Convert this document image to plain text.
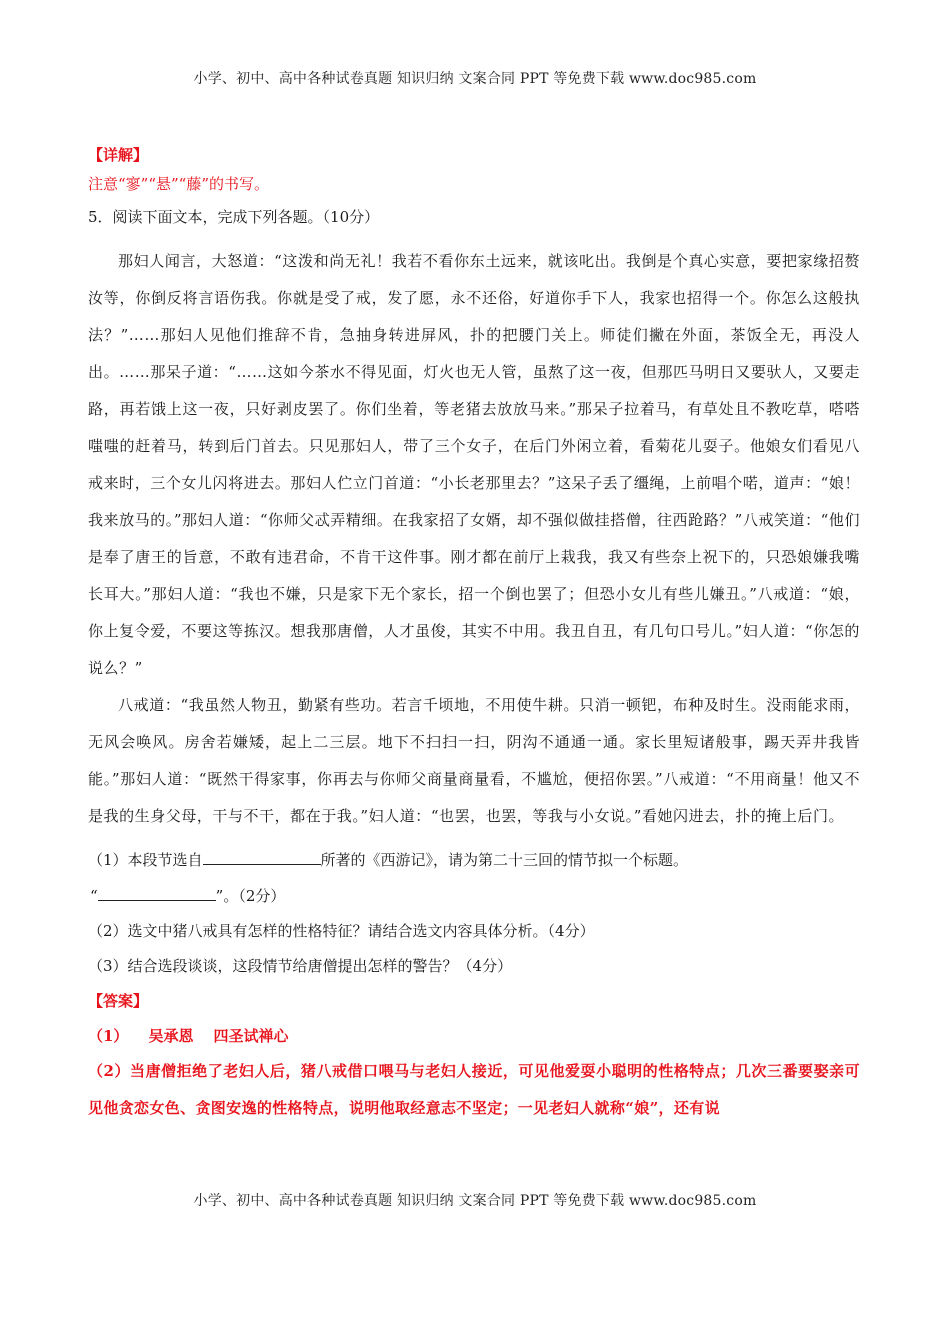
小学、初中、高中各种试卷真题 知识归纳 文案合同 PPT 等免费下载 www.doc985.com
【详解】
注意“寥”“悬”“藤”的书写。
5．阅读下面文本，完成下列各题。（10分）
那妇人闻言，大怒道：“这泼和尚无礼！我若不看你东土远来，就该叱出。我倒是个真心实意，要把家缘招赘汝等，你倒反将言语伤我。你就是受了戒，发了愿，永不还俗，好道你手下人，我家也招得一个。你怎么这般执法？”……那妇人见他们推辞不肯，急抽身转进屏风，扑的把腰门关上。师徒们撇在外面，茶饭全无，再没人出。……那呆子道：“……这如今茶水不得见面，灯火也无人管，虽熬了这一夜，但那匹马明日又要驮人，又要走路，再若饿上这一夜，只好剥皮罢了。你们坐着，等老猪去放放马来。”那呆子拉着马，有草处且不教吃草，嗒嗒嗤嗤的赶着马，转到后门首去。只见那妇人，带了三个女子，在后门外闲立着，看菊花儿耍子。他娘女们看见八戒来时，三个女儿闪将进去。那妇人伫立门首道：“小长老那里去？”这呆子丢了缰绳，上前唱个喏，道声：“娘！我来放马的。”那妇人道：“你师父忒弄精细。在我家招了女婿，却不强似做挂搭僧，往西跄路？”八戒笑道：“他们是奉了唐王的旨意，不敢有违君命，不肯干这件事。刚才都在前厅上栽我，我又有些奈上祝下的，只恐娘嫌我嘴长耳大。”那妇人道：“我也不嫌，只是家下无个家长，招一个倒也罢了；但恐小女儿有些儿嫌丑。”八戒道：“娘，你上复令爱，不要这等拣汉。想我那唐僧，人才虽俊，其实不中用。我丑自丑，有几句口号儿。”妇人道：“你怎的说么？”
八戒道：“我虽然人物丑，勤紧有些功。若言千顷地，不用使牛耕。只消一顿钯，布种及时生。没雨能求雨，无风会唤风。房舍若嫌矮，起上二三层。地下不扫扫一扫，阴沟不通通一通。家长里短诸般事，踢天弄井我皆能。”那妇人道：“既然干得家事，你再去与你师父商量商量看，不尴尬，便招你罢。”八戒道：“不用商量！他又不是我的生身父母，干与不干，都在于我。”妇人道：“也罢，也罢，等我与小女说。”看她闪进去，扑的掩上后门。
（1）本段节选自	所著的《西游记》，请为第二十三回的情节拟一个标题。
“	”。（2分）
（2）选文中猪八戒具有怎样的性格特征？请结合选文内容具体分析。（4分）
（3）结合选段谈谈，这段情节给唐僧提出怎样的警告？（4分）
【答案】
（1） 吴承恩 四圣试禅心
（2）当唐僧拒绝了老妇人后，猪八戒借口喂马与老妇人接近，可见他爱耍小聪明的性格特点；几次三番要娶亲可见他贪恋女色、贪图安逸的性格特点，说明他取经意志不坚定；一见老妇人就称“娘”，还有说
小学、初中、高中各种试卷真题 知识归纳 文案合同 PPT 等免费下载 www.doc985.com
